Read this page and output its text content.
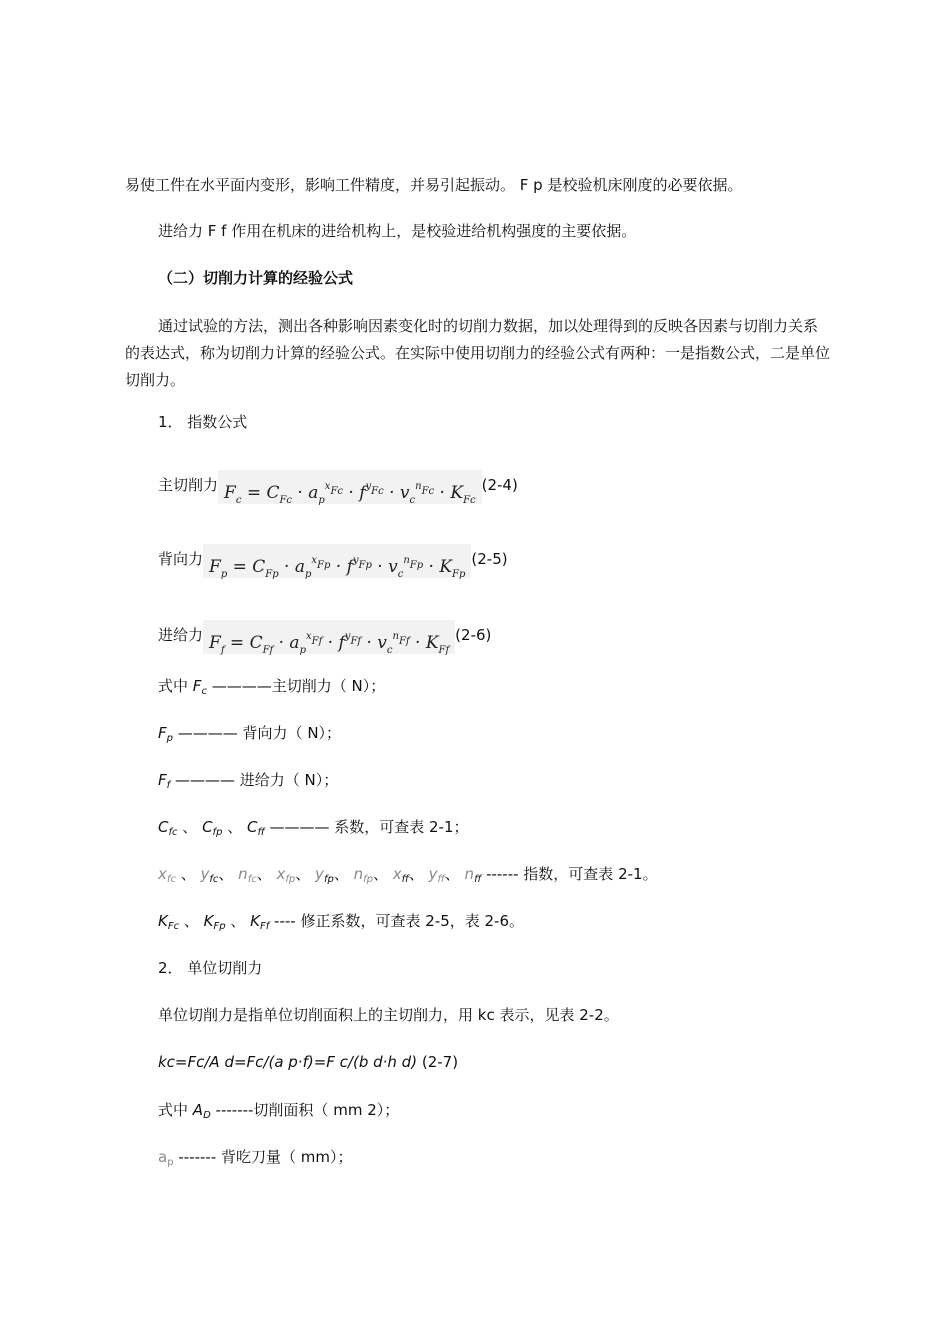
易使工件在水平面内变形，影响工件精度，并易引起振动。 F p 是校验机床刚度的必要依据。
进给力 F f 作用在机床的进给机构上，是校验进给机构强度的主要依据。
（二）切削力计算的经验公式
通过试验的方法，测出各种影响因素变化时的切削力数据，加以处理得到的反映各因素与切削力关系的表达式，称为切削力计算的经验公式。在实际中使用切削力的经验公式有两种：一是指数公式，二是单位切削力。
1． 指数公式
主切削力 $F_c = C_{Fc} \cdot a_p^{x_{Fc}} \cdot f^{y_{Fc}} \cdot v_c^{n_{Fc}} \cdot K_{Fc}(2-4)$
背向力 $F_p = C_{Fp} \cdot a_p^{x_{Fp}} \cdot f^{y_{Fp}} \cdot v_c^{n_{Fp}} \cdot K_{Fp}(2-5)$
进给力 $F_f = C_{Ff} \cdot a_p^{x_{Ff}} \cdot f^{y_{Ff}} \cdot v_c^{n_{Ff}} \cdot K_{Ff}(2-6)$
式中 $F_c$ ————主切削力（ N）；
$F_p$ ———— 背向力（ N）；
$F_f$ ———— 进给力（ N）；
$C_{fc}$ 、 $C_{fp}$ 、 $C_{ff}$ ———— 系数，可查表 2-1；
$x_{fc}$ 、 $y_{fc}$、 $n_{fc}$、 $x_{fp}$、 $y_{fp}$、 $n_{fp}$、 $x_{ff}$、 $y_{ff}$、 $n_{ff}$ ------ 指数，可查表 2-1。
$K_{Fc}$ 、 $K_{Fp}$ 、 $K_{Ff}$ ---- 修正系数，可查表 2-5，表 2-6。
2． 单位切削力
单位切削力是指单位切削面积上的主切削力，用 kc 表示，见表 2-2。
kc=Fc/A d=Fc/(a p·f)=F c/(b d·h d) (2-7)
式中 $A_D$ -------切削面积（ mm 2）；
$a_p$ ------- 背吃刀量（ mm）；
